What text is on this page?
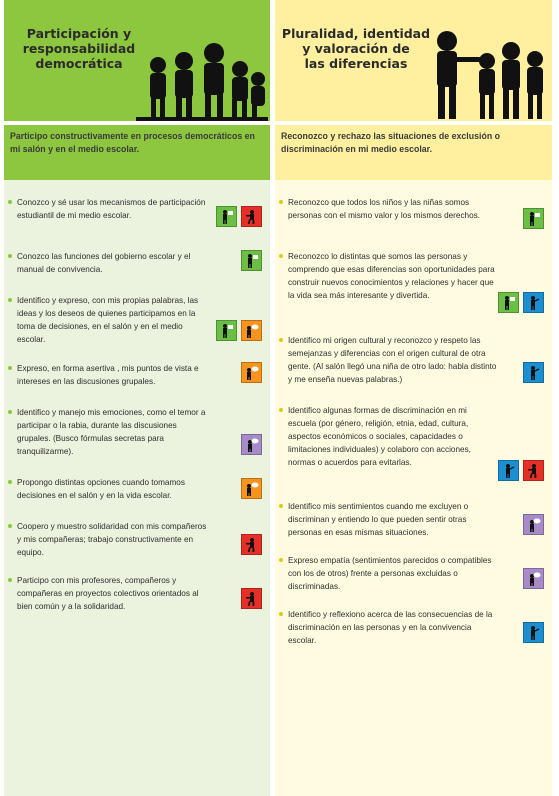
Participación y
responsabilidad
democrática
Participo constructivamente en procesos democráticos en mi salón y en el medio escolar.
Conozco y sé usar los mecanismos de participación estudiantil de mi medio escolar.
Conozco las funciones del gobierno escolar y el manual de convivencia.
Identifico y expreso, con mis propias palabras, las ideas y los deseos de quienes participamos en la toma de decisiones, en el salón y en el medio escolar.
Expreso, en forma asertiva , mis puntos de vista e intereses en las discusiones grupales.
Identifico y manejo mis emociones, como el temor a participar o la rabia, durante las discusiones grupales. (Busco fórmulas secretas para tranquilizarme).
Propongo distintas opciones cuando tomamos decisiones en el salón y en la vida escolar.
Coopero y muestro solidaridad con mis compañeros y mis compañeras; trabajo constructivamente en equipo.
Participo con mis profesores, compañeros y compañeras en proyectos colectivos orientados al bien común y a la solidaridad.
Pluralidad, identidad
y valoración de
las diferencias
Reconozco y rechazo las situaciones de exclusión o discriminación en mi medio escolar.
Reconozco que todos los niños y las niñas somos personas con el mismo valor y los mismos derechos.
Reconozco lo distintas que somos las personas y comprendo que esas diferencias son oportunidades para construir nuevos conocimientos y relaciones y hacer que la vida sea más interesante y divertida.
Identifico mi origen cultural y reconozco y respeto las semejanzas y diferencias con el origen cultural de otra gente. (Al salón llegó una niña de otro lado: habla distinto y me enseña nuevas palabras.)
Identifico algunas formas de discriminación en mi escuela (por género, religión, etnia, edad, cultura, aspectos económicos o sociales, capacidades o limitaciones individuales) y colaboro con acciones, normas o acuerdos para evitarlas.
Identifico mis sentimientos cuando me excluyen o discriminan y entiendo lo que pueden sentir otras personas en esas mismas situaciones.
Expreso empatía (sentimientos parecidos o compatibles con los de otros) frente a personas excluidas o discriminadas.
Identifico y reflexiono acerca de las consecuencias de la discriminación en las personas y en la convivencia escolar.
